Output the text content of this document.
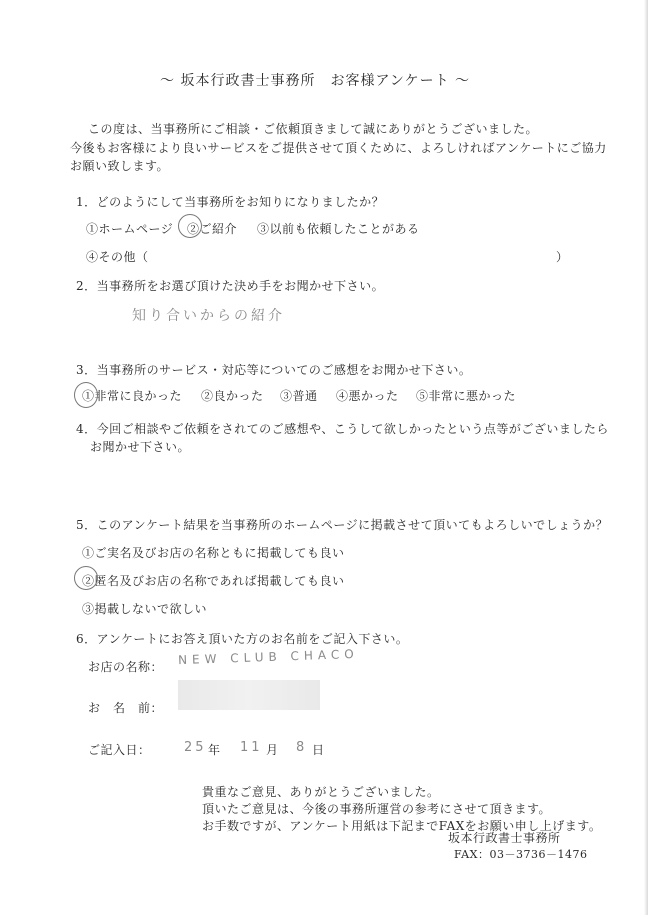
～ 坂本行政書士事務所　お客様アンケート ～
この度は、当事務所にご相談・ご依頼頂きまして誠にありがとうございました。
今後もお客様により良いサービスをご提供させて頂くために、よろしければアンケートにご協力
お願い致します。
1．どのようにして当事務所をお知りになりましたか？
①ホームページ ②ご紹介 ③以前も依頼したことがある
④その他（	）
2．当事務所をお選び頂けた決め手をお聞かせ下さい。
知り合いからの紹介
3．当事務所のサービス・対応等についてのご感想をお聞かせ下さい。
①非常に良かった ②良かった ③普通 ④悪かった ⑤非常に悪かった
4．今回ご相談やご依頼をされてのご感想や、こうして欲しかったという点等がございましたら
お聞かせ下さい。
5．このアンケート結果を当事務所のホームページに掲載させて頂いてもよろしいでしょうか？
①ご実名及びお店の名称ともに掲載しても良い
②匿名及びお店の名称であれば掲載しても良い
③掲載しないで欲しい
6．アンケートにお答え頂いた方のお名前をご記入下さい。
お店の名称： NEW CLUB CHACO
お　名　前：
ご記入日：	25 年 11 月 8 日
貴重なご意見、ありがとうございました。
頂いたご意見は、今後の事務所運営の参考にさせて頂きます。
お手数ですが、アンケート用紙は下記までFAXをお願い申し上げます。
坂本行政書士事務所
FAX：03－3736－1476
